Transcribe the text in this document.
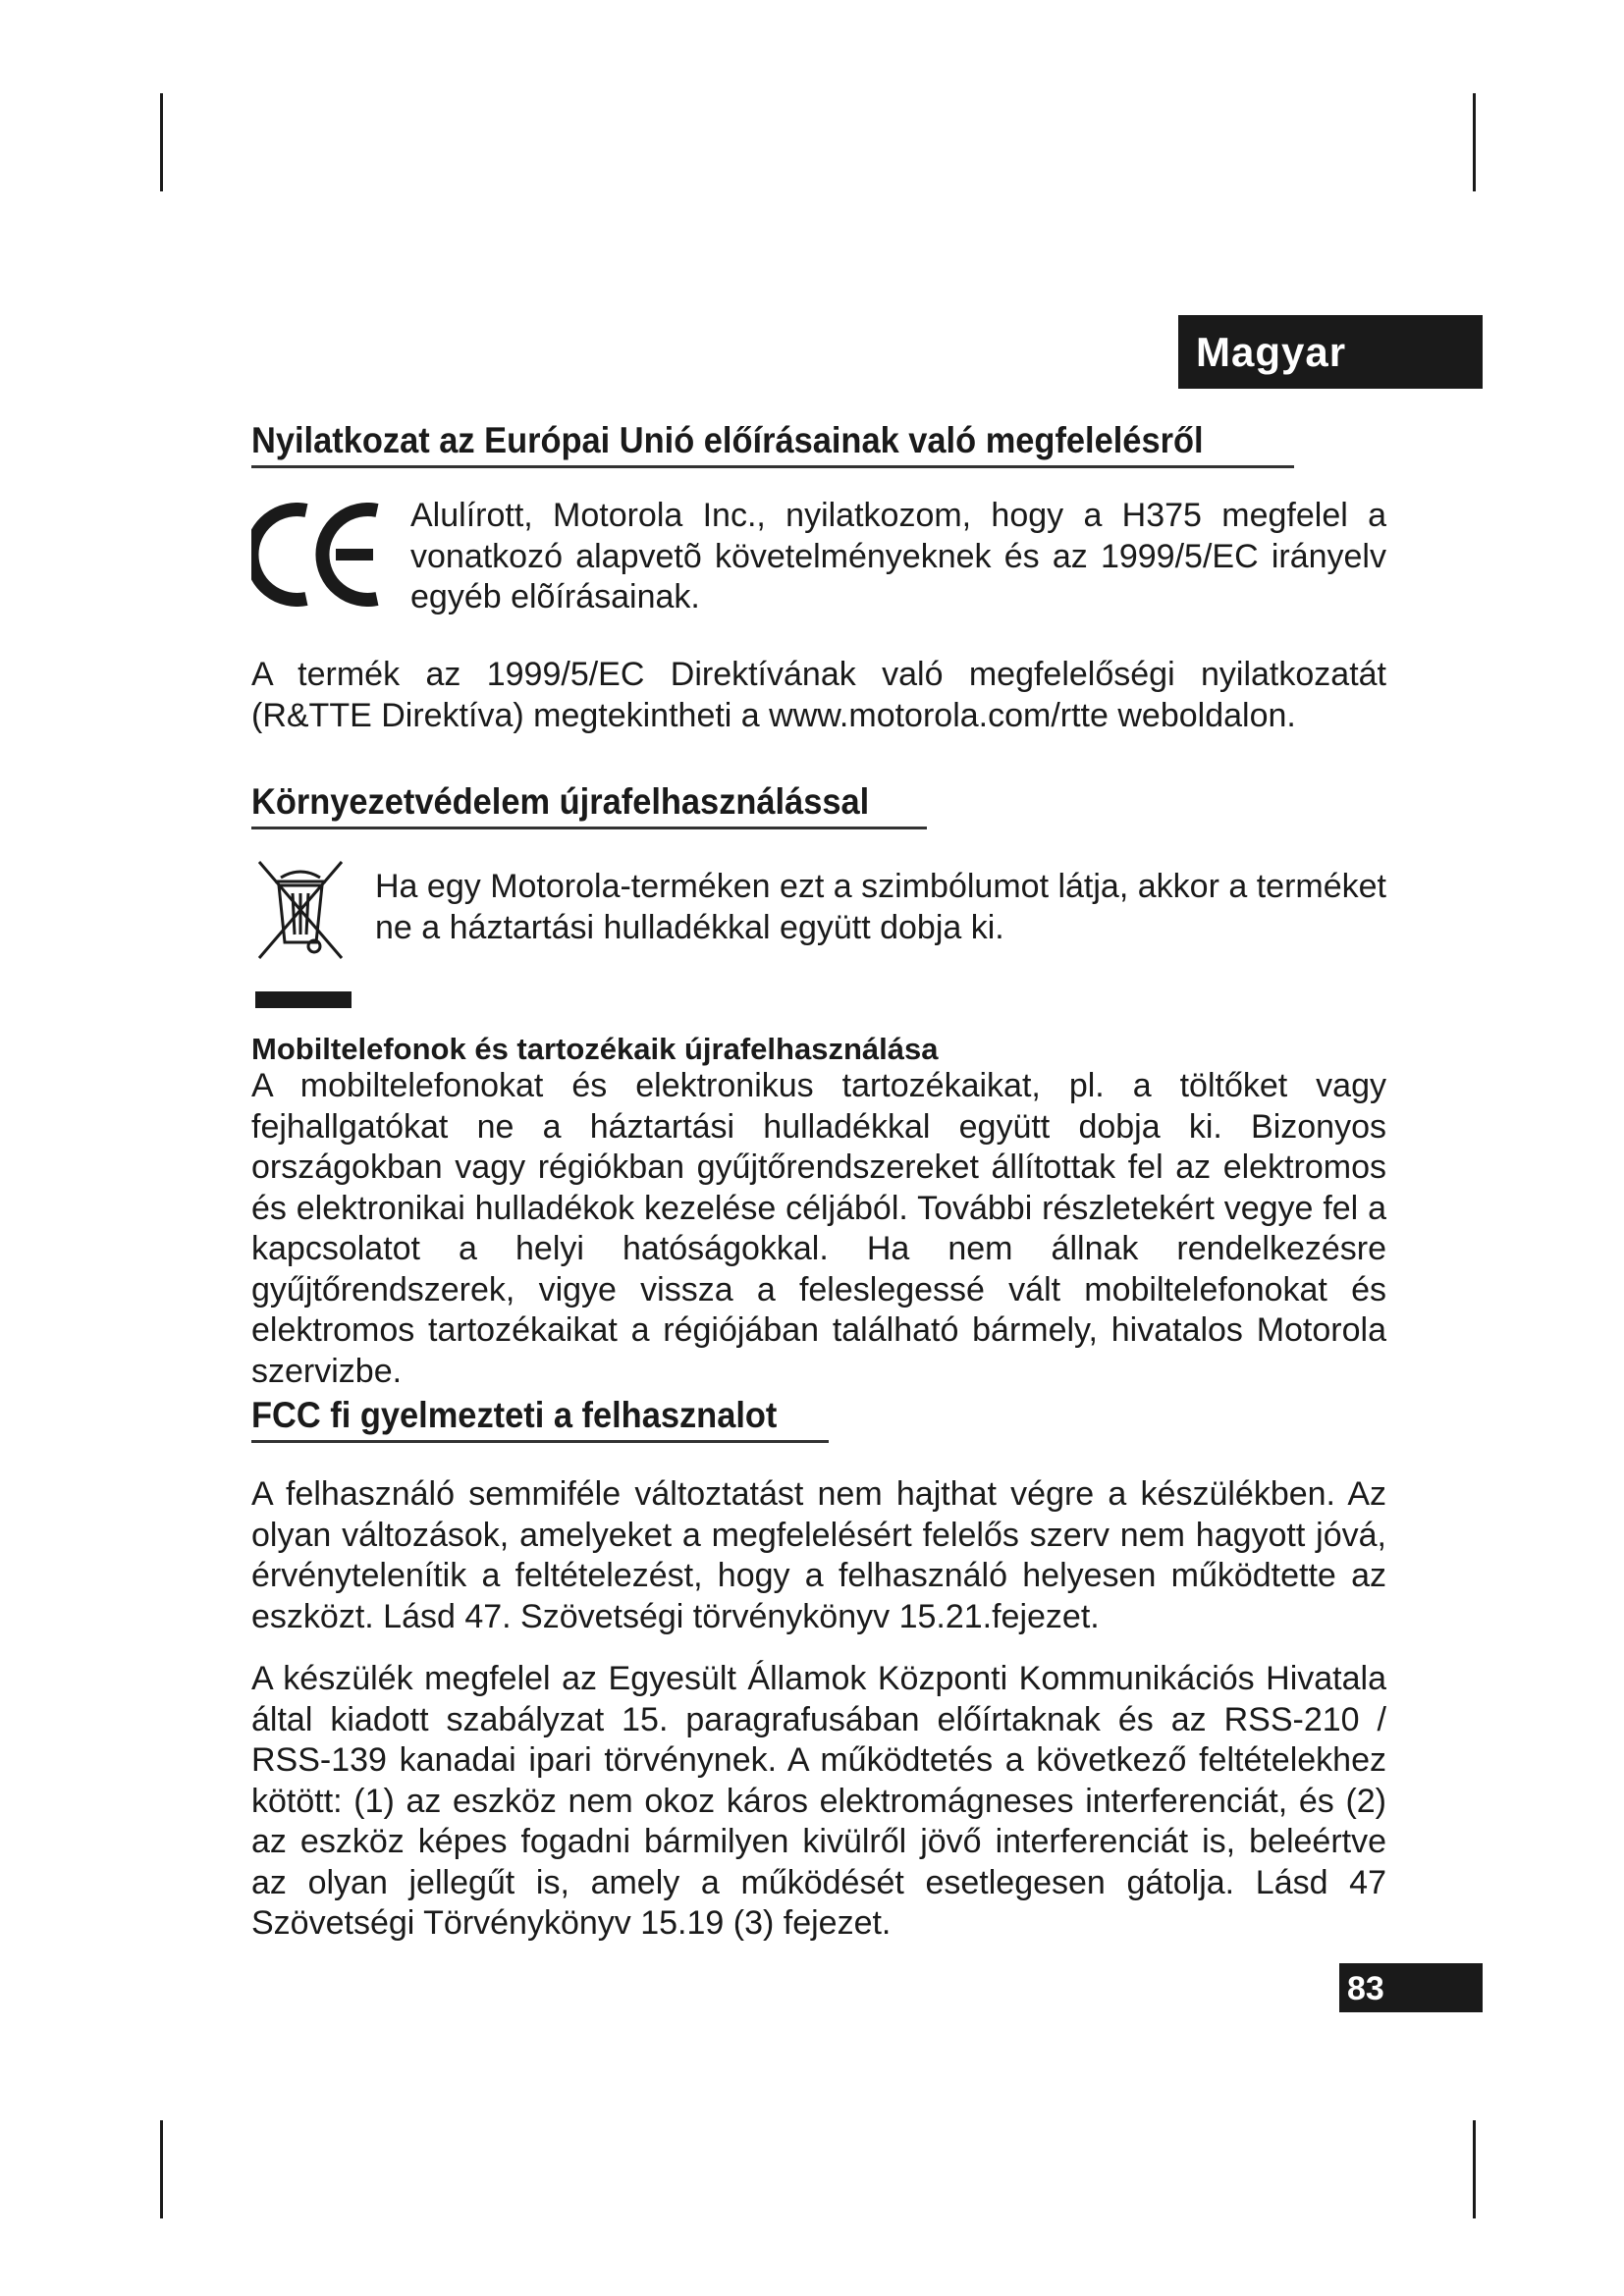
Magyar
Nyilatkozat az Európai Unió előírásainak való megfelelésről

Alulírott, Motorola Inc., nyilatkozom, hogy a H375 megfelel a vonatkozó alapvetõ követelményeknek és az 1999/5/EC irányelv egyéb elõírásainak.

A termék az 1999/5/EC Direktívának való megfelelőségi nyilatkozatát (R&TTE Direktíva) megtekintheti a www.motorola.com/rtte weboldalon.

Környezetvédelem újrafelhasználással

Ha egy Motorola-terméken ezt a szimbólumot látja, akkor a terméket ne a háztartási hulladékkal együtt dobja ki.

Mobiltelefonok és tartozékaik újrafelhasználása

A mobiltelefonokat és elektronikus tartozékaikat, pl. a töltőket vagy fejhallgatókat ne a háztartási hulladékkal együtt dobja ki. Bizonyos országokban vagy régiókban gyűjtőrendszereket állítottak fel az elektromos és elektronikai hulladékok kezelése céljából. További részletekért vegye fel a kapcsolatot a helyi hatóságokkal. Ha nem állnak rendelkezésre gyűjtőrendszerek, vigye vissza a feleslegessé vált mobiltelefonokat és elektromos tartozékaikat a régiójában található bármely, hivatalos Motorola szervizbe.

FCC fi gyelmezteti a felhasznalot

A felhasználó semmiféle változtatást nem hajthat végre a készülékben. Az olyan változások, amelyeket a megfelelésért felelős szerv nem hagyott jóvá, érvénytelenítik a feltételezést, hogy a felhasználó helyesen működtette az eszközt. Lásd 47. Szövetségi törvénykönyv 15.21.fejezet.

A készülék megfelel az Egyesült Államok Központi Kommunikációs Hivatala által kiadott szabályzat 15. paragrafusában előírtaknak és az RSS-210 / RSS-139 kanadai ipari törvénynek. A működtetés a következő feltételekhez kötött: (1) az eszköz nem okoz káros elektromágneses interferenciát, és (2) az eszköz képes fogadni bármilyen kivülről jövő interferenciát is, beleértve az olyan jellegűt is, amely a működését esetlegesen gátolja. Lásd 47 Szövetségi Törvénykönyv 15.19 (3) fejezet.

83
